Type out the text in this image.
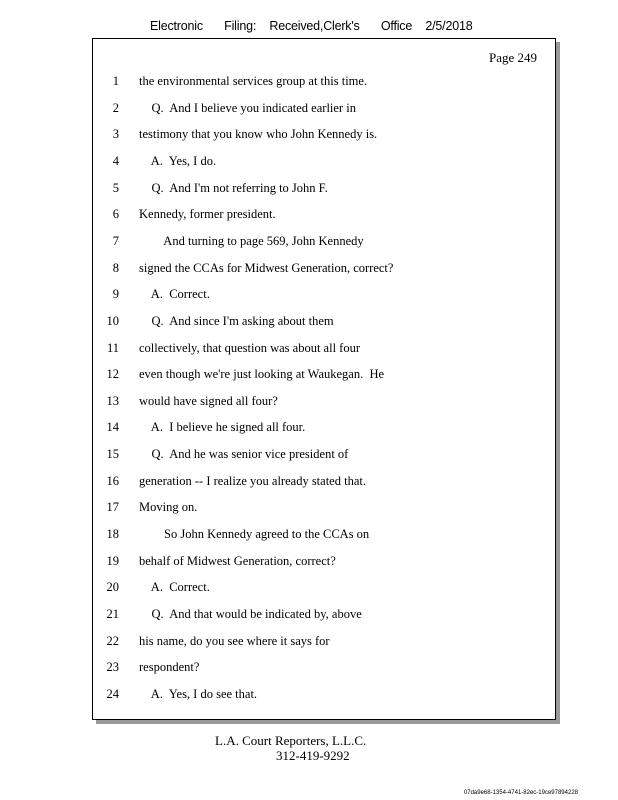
Electronic Filing: Received,Clerk's Office 2/5/2018
Page 249
1 the environmental services group at this time.
2 Q.  And I believe you indicated earlier in
3 testimony that you know who John Kennedy is.
4 A.  Yes, I do.
5 Q.  And I'm not referring to John F.
6 Kennedy, former president.
7 And turning to page 569, John Kennedy
8 signed the CCAs for Midwest Generation, correct?
9 A.  Correct.
10 Q.  And since I'm asking about them
11 collectively, that question was about all four
12 even though we're just looking at Waukegan.  He
13 would have signed all four?
14 A.  I believe he signed all four.
15 Q.  And he was senior vice president of
16 generation -- I realize you already stated that.
17 Moving on.
18 So John Kennedy agreed to the CCAs on
19 behalf of Midwest Generation, correct?
20 A.  Correct.
21 Q.  And that would be indicated by, above
22 his name, do you see where it says for
23 respondent?
24 A.  Yes, I do see that.
L.A. Court Reporters, L.L.C.
312-419-9292
07da9e68-1354-4741-82ec-19ce97894228
